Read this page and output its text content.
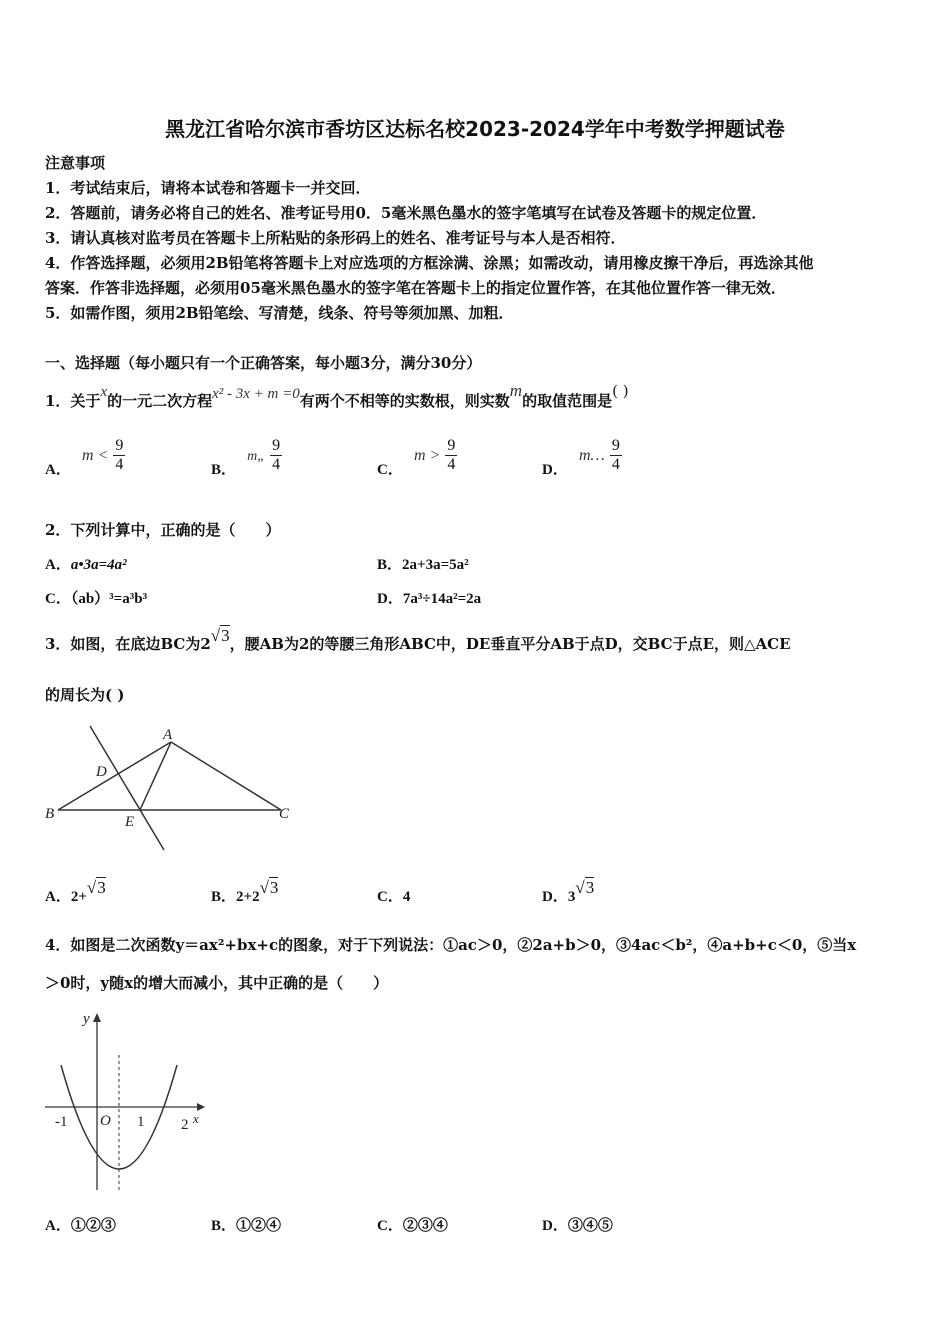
黑龙江省哈尔滨市香坊区达标名校2023-2024学年中考数学押题试卷
注意事项
1．考试结束后，请将本试卷和答题卡一并交回．
2．答题前，请务必将自己的姓名、准考证号用0．5毫米黑色墨水的签字笔填写在试卷及答题卡的规定位置．
3．请认真核对监考员在答题卡上所粘贴的条形码上的姓名、准考证号与本人是否相符．
4．作答选择题，必须用2B铅笔将答题卡上对应选项的方框涂满、涂黑；如需改动，请用橡皮擦干净后，再选涂其他
答案．作答非选择题，必须用05毫米黑色墨水的签字笔在答题卡上的指定位置作答，在其他位置作答一律无效．
5．如需作图，须用2B铅笔绘、写清楚，线条、符号等须加黑、加粗．
一、选择题（每小题只有一个正确答案，每小题3分，满分30分）
1．关于x的一元二次方程x² - 3x + m =0有两个不相等的实数根，则实数m的取值范围是( )
A． $m < \frac{9}{4}$	B． m„ $\frac{9}{4}$	C． $m > \frac{9}{4}$	D． m… $\frac{9}{4}$
2．下列计算中，正确的是（　　）
A．a•3a=4a²	B．2a+3a=5a²
C．（ab）³=a³b³	D．7a³÷14a²=2a
3．如图，在底边BC为2√3，腰AB为2的等腰三角形ABC中，DE垂直平分AB于点D，交BC于点E，则△ACE
的周长为( )
A
B	C
D
E
A．2+√3	B．2+2√3	C．4	D．3√3
4．如图是二次函数y＝ax²+bx+c的图象，对于下列说法：①ac＞0，②2a+b＞0，③4ac＜b²，④a+b+c＜0，⑤当x
＞0时，y随x的增大而减小，其中正确的是（　　）
y
x
O
-1	1 2
A．①②③	B．①②④	C．②③④	D．③④⑤
